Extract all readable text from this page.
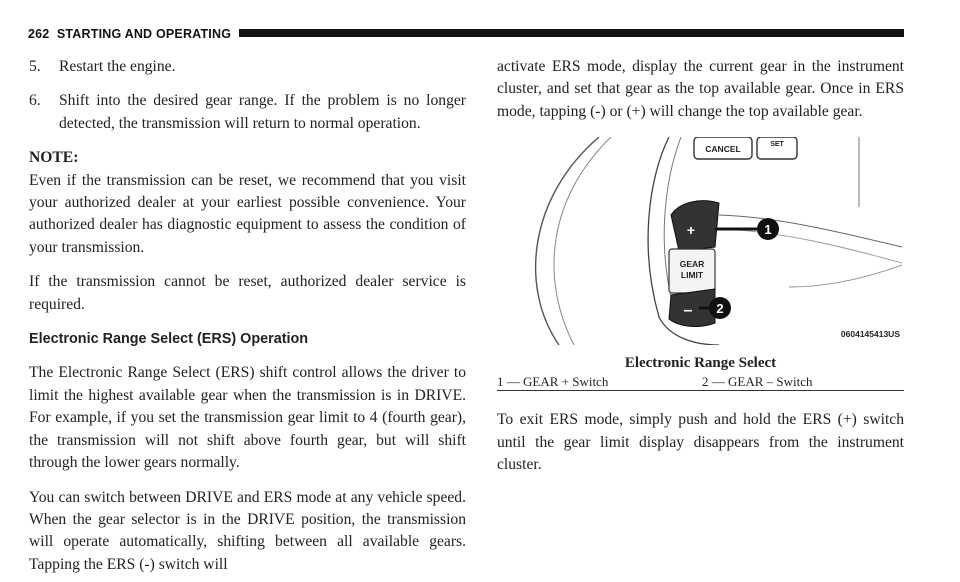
262 STARTING AND OPERATING
5. Restart the engine.
6. Shift into the desired gear range. If the problem is no longer detected, the transmission will return to normal operation.

NOTE:

Even if the transmission can be reset, we recommend that you visit your authorized dealer at your earliest possible convenience. Your authorized dealer has diagnostic equipment to assess the condition of your transmission.

If the transmission cannot be reset, authorized dealer service is required.

Electronic Range Select (ERS) Operation

The Electronic Range Select (ERS) shift control allows the driver to limit the highest available gear when the transmission is in DRIVE. For example, if you set the transmission gear limit to 4 (fourth gear), the transmission will not shift above fourth gear, but will shift through the lower gears normally.

You can switch between DRIVE and ERS mode at any vehicle speed. When the gear selector is in the DRIVE position, the transmission will operate automatically, shifting between all available gears. Tapping the ERS (-) switch will

activate ERS mode, display the current gear in the instrument cluster, and set that gear as the top available gear. Once in ERS mode, tapping (-) or (+) will change the top available gear.

CANCEL	SET
+
–
GEAR
LIMIT
1
2
0604145413US

Electronic Range Select

1 — GEAR + Switch	2 — GEAR – Switch

To exit ERS mode, simply push and hold the ERS (+) switch until the gear limit display disappears from the instrument cluster.
